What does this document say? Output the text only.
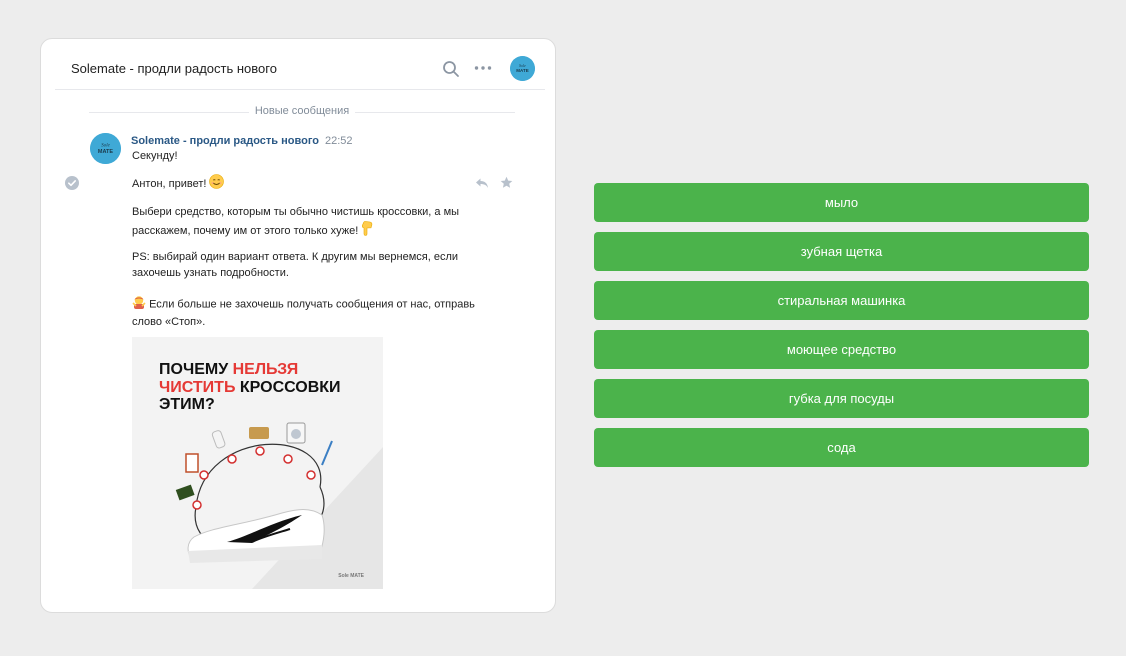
Solemate - продли радость нового	Sole
MATE
Новые сообщения
Sole
MATE
Solemate - продли радость нового 22:52
Секунду!
Антон, привет!
Выбери средство, которым ты обычно чистишь кроссовки, а мы расскажем, почему им от этого только хуже!
PS: выбирай один вариант ответа. К другим мы вернемся, если захочешь узнать подробности.
Если больше не захочешь получать сообщения от нас, отправь слово «Стоп».
Sole MATE
ПОЧЕМУ НЕЛЬЗЯ
ЧИСТИТЬ КРОССОВКИ
ЭТИМ?
мыло
зубная щетка
стиральная машинка
моющее средство
губка для посуды
сода
